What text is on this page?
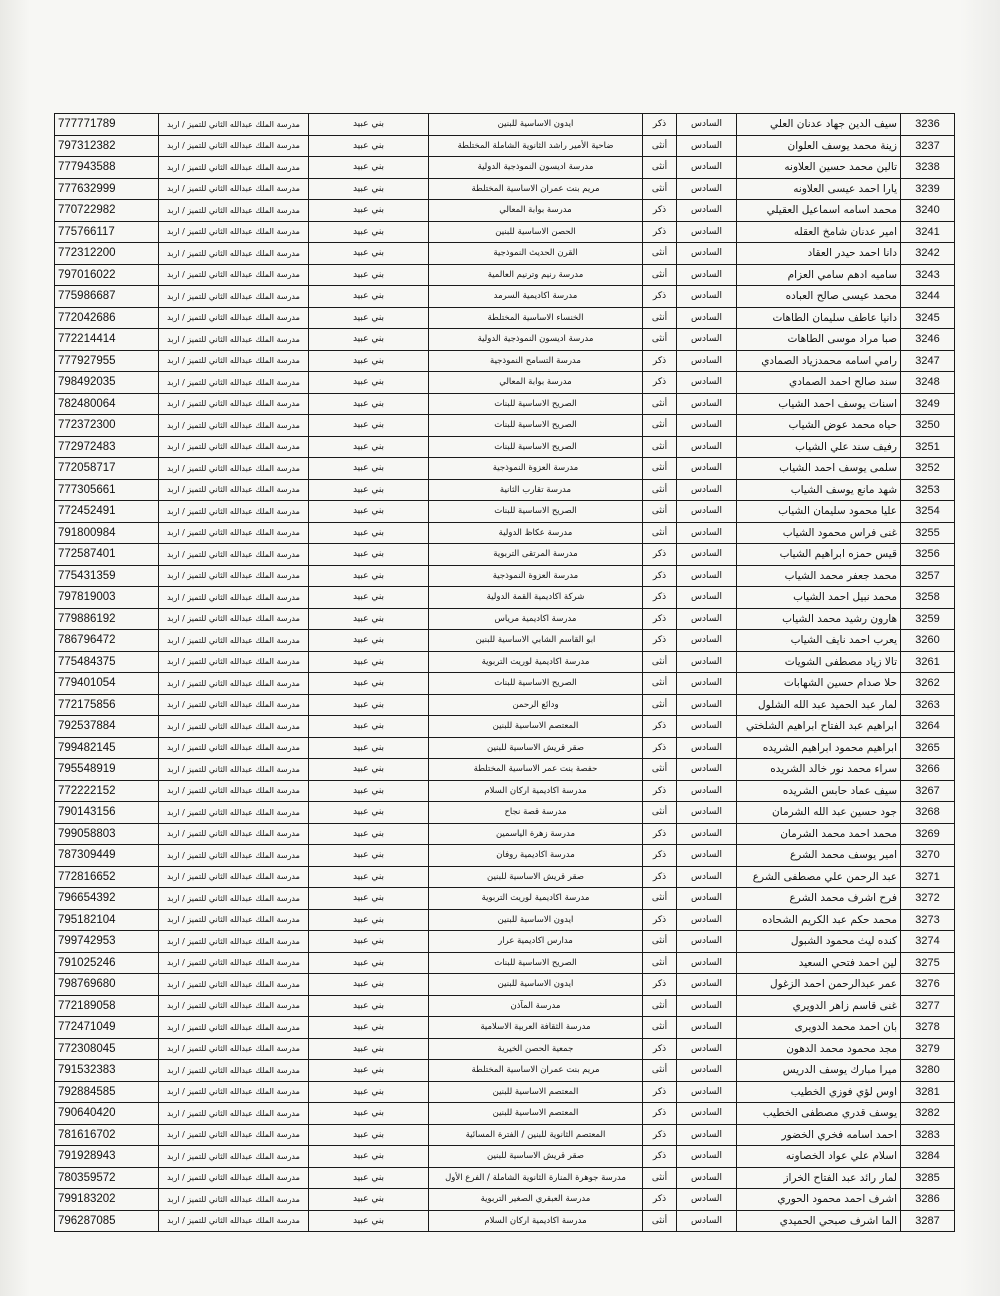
3236	سيف الدين جهاد عدنان العلي	السادس	ذكر	ايدون الاساسية للبنين	بني عبيد	مدرسة الملك عبدالله الثاني للتميز / اربد	777771789
3237	زينة محمد يوسف العلوان	السادس	أنثى	ضاحية الأمير راشد الثانوية الشاملة المختلطة	بني عبيد	مدرسة الملك عبدالله الثاني للتميز / اربد	797312382
3238	تالين محمد حسين العلاونه	السادس	أنثى	مدرسة اديسون النموذجية الدولية	بني عبيد	مدرسة الملك عبدالله الثاني للتميز / اربد	777943588
3239	يارا احمد عيسى العلاونه	السادس	أنثى	مريم بنت عمران الاساسية المختلطة	بني عبيد	مدرسة الملك عبدالله الثاني للتميز / اربد	777632999
3240	محمد اسامه اسماعيل العقيلي	السادس	ذكر	مدرسة بوابة المعالي	بني عبيد	مدرسة الملك عبدالله الثاني للتميز / اربد	770722982
3241	امير عدنان شامخ العقله	السادس	ذكر	الحصن الاساسية للبنين	بني عبيد	مدرسة الملك عبدالله الثاني للتميز / اربد	775766117
3242	دانا احمد حيدر العقاد	السادس	أنثى	القرن الحديث النموذجية	بني عبيد	مدرسة الملك عبدالله الثاني للتميز / اربد	772312200
3243	ساميه ادهم سامي العزام	السادس	أنثى	مدرسة رنيم وترنيم العالمية	بني عبيد	مدرسة الملك عبدالله الثاني للتميز / اربد	797016022
3244	محمد عيسى صالح العباده	السادس	ذكر	مدرسة اكاديمية السرمد	بني عبيد	مدرسة الملك عبدالله الثاني للتميز / اربد	775986687
3245	دانيا عاطف سليمان الطاهات	السادس	أنثى	الخنساء الاساسية المختلطة	بني عبيد	مدرسة الملك عبدالله الثاني للتميز / اربد	772042686
3246	صبا مراد موسى الطاهات	السادس	أنثى	مدرسة اديسون النموذجية الدولية	بني عبيد	مدرسة الملك عبدالله الثاني للتميز / اربد	772214414
3247	رامي اسامه محمدزياد الصمادي	السادس	ذكر	مدرسة التسامح النموذجية	بني عبيد	مدرسة الملك عبدالله الثاني للتميز / اربد	777927955
3248	سند صالح احمد الصمادي	السادس	ذكر	مدرسة بوابة المعالي	بني عبيد	مدرسة الملك عبدالله الثاني للتميز / اربد	798492035
3249	اسنات يوسف احمد الشياب	السادس	أنثى	الصريح الاساسية للبنات	بني عبيد	مدرسة الملك عبدالله الثاني للتميز / اربد	782480064
3250	حياه محمد عوض الشياب	السادس	أنثى	الصريح الاساسية للبنات	بني عبيد	مدرسة الملك عبدالله الثاني للتميز / اربد	772372300
3251	رفيف سند علي الشياب	السادس	أنثى	الصريح الاساسية للبنات	بني عبيد	مدرسة الملك عبدالله الثاني للتميز / اربد	772972483
3252	سلمى يوسف احمد الشياب	السادس	أنثى	مدرسة العزوة النموذجية	بني عبيد	مدرسة الملك عبدالله الثاني للتميز / اربد	772058717
3253	شهد مانع يوسف الشياب	السادس	أنثى	مدرسة تقارب الثانية	بني عبيد	مدرسة الملك عبدالله الثاني للتميز / اربد	777305661
3254	عليا محمود سليمان الشياب	السادس	أنثى	الصريح الاساسية للبنات	بني عبيد	مدرسة الملك عبدالله الثاني للتميز / اربد	772452491
3255	غنى فراس محمود الشياب	السادس	أنثى	مدرسة عكاظ الدولية	بني عبيد	مدرسة الملك عبدالله الثاني للتميز / اربد	791800984
3256	قيس حمزه ابراهيم الشياب	السادس	ذكر	مدرسة المرتقى التربوية	بني عبيد	مدرسة الملك عبدالله الثاني للتميز / اربد	772587401
3257	محمد جعفر محمد الشياب	السادس	ذكر	مدرسة العزوة النموذجية	بني عبيد	مدرسة الملك عبدالله الثاني للتميز / اربد	775431359
3258	محمد نبيل احمد الشياب	السادس	ذكر	شركة اكاديمية القمة الدولية	بني عبيد	مدرسة الملك عبدالله الثاني للتميز / اربد	797819003
3259	هارون رشيد محمد الشياب	السادس	ذكر	مدرسة اكاديمية مرياس	بني عبيد	مدرسة الملك عبدالله الثاني للتميز / اربد	779886192
3260	يعرب احمد نايف الشياب	السادس	ذكر	ابو القاسم الشابي الاساسية للبنين	بني عبيد	مدرسة الملك عبدالله الثاني للتميز / اربد	786796472
3261	تالا زياد مصطفى الشويات	السادس	أنثى	مدرسة اكاديمية لوريت التربوية	بني عبيد	مدرسة الملك عبدالله الثاني للتميز / اربد	775484375
3262	حلا صدام حسين الشهابات	السادس	أنثى	الصريح الاساسية للبنات	بني عبيد	مدرسة الملك عبدالله الثاني للتميز / اربد	779401054
3263	لمار عبد الحميد عبد الله الشلول	السادس	أنثى	ودائع الرحمن	بني عبيد	مدرسة الملك عبدالله الثاني للتميز / اربد	772175856
3264	ابراهيم عبد الفتاح ابراهيم الشلختي	السادس	ذكر	المعتصم الاساسية للبنين	بني عبيد	مدرسة الملك عبدالله الثاني للتميز / اربد	792537884
3265	ابراهيم محمود ابراهيم الشريده	السادس	ذكر	صقر قريش الاساسية للبنين	بني عبيد	مدرسة الملك عبدالله الثاني للتميز / اربد	799482145
3266	سراء محمد نور خالد الشريده	السادس	أنثى	حفصة بنت عمر الاساسية المختلطة	بني عبيد	مدرسة الملك عبدالله الثاني للتميز / اربد	795548919
3267	سيف عماد حابس الشريده	السادس	ذكر	مدرسة اكاديمية اركان السلام	بني عبيد	مدرسة الملك عبدالله الثاني للتميز / اربد	772222152
3268	جود حسين عبد الله الشرمان	السادس	أنثى	مدرسة قصة نجاح	بني عبيد	مدرسة الملك عبدالله الثاني للتميز / اربد	790143156
3269	محمد احمد محمد الشرمان	السادس	ذكر	مدرسة زهرة الياسمين	بني عبيد	مدرسة الملك عبدالله الثاني للتميز / اربد	799058803
3270	امير يوسف محمد الشرع	السادس	ذكر	مدرسة اكاديمية روفان	بني عبيد	مدرسة الملك عبدالله الثاني للتميز / اربد	787309449
3271	عبد الرحمن علي مصطفى الشرع	السادس	ذكر	صقر قريش الاساسية للبنين	بني عبيد	مدرسة الملك عبدالله الثاني للتميز / اربد	772816652
3272	فرح اشرف محمد الشرع	السادس	أنثى	مدرسة اكاديمية لوريت التربوية	بني عبيد	مدرسة الملك عبدالله الثاني للتميز / اربد	796654392
3273	محمد حكم عبد الكريم الشحاده	السادس	ذكر	ايدون الاساسية للبنين	بني عبيد	مدرسة الملك عبدالله الثاني للتميز / اربد	795182104
3274	كنده ليث محمود الشبول	السادس	أنثى	مدارس اكاديمية عرار	بني عبيد	مدرسة الملك عبدالله الثاني للتميز / اربد	799742953
3275	لين احمد فتحي السعيد	السادس	أنثى	الصريح الاساسية للبنات	بني عبيد	مدرسة الملك عبدالله الثاني للتميز / اربد	791025246
3276	عمر عبدالرحمن احمد الزغول	السادس	ذكر	ايدون الاساسية للبنين	بني عبيد	مدرسة الملك عبدالله الثاني للتميز / اربد	798769680
3277	غنى قاسم زاهر الدويري	السادس	أنثى	مدرسة المآذن	بني عبيد	مدرسة الملك عبدالله الثاني للتميز / اربد	772189058
3278	بان احمد محمد الدويرى	السادس	أنثى	مدرسة الثقافة العربية الاسلامية	بني عبيد	مدرسة الملك عبدالله الثاني للتميز / اربد	772471049
3279	مجد محمود محمد الدهون	السادس	ذكر	جمعية الحصن الخيرية	بني عبيد	مدرسة الملك عبدالله الثاني للتميز / اربد	772308045
3280	ميرا مبارك يوسف الدريس	السادس	أنثى	مريم بنت عمران الاساسية المختلطة	بني عبيد	مدرسة الملك عبدالله الثاني للتميز / اربد	791532383
3281	اوس لؤي فوزي الخطيب	السادس	ذكر	المعتصم الاساسية للبنين	بني عبيد	مدرسة الملك عبدالله الثاني للتميز / اربد	792884585
3282	يوسف قدري مصطفى الخطيب	السادس	ذكر	المعتصم الاساسية للبنين	بني عبيد	مدرسة الملك عبدالله الثاني للتميز / اربد	790640420
3283	احمد اسامه فخري الخضور	السادس	ذكر	المعتصم الثانوية للبنين / الفترة المسائية	بني عبيد	مدرسة الملك عبدالله الثاني للتميز / اربد	781616702
3284	اسلام علي عواد الخصاونه	السادس	ذكر	صقر قريش الاساسية للبنين	بني عبيد	مدرسة الملك عبدالله الثاني للتميز / اربد	791928943
3285	لمار رائد عبد الفتاح الخراز	السادس	أنثى	مدرسة جوهرة المنارة الثانوية الشاملة / الفرع الأول	بني عبيد	مدرسة الملك عبدالله الثاني للتميز / اربد	780359572
3286	اشرف احمد محمود الحوري	السادس	ذكر	مدرسة العبقري الصغير التربوية	بني عبيد	مدرسة الملك عبدالله الثاني للتميز / اربد	799183202
3287	الما اشرف صبحي الحميدي	السادس	أنثى	مدرسة اكاديمية اركان السلام	بني عبيد	مدرسة الملك عبدالله الثاني للتميز / اربد	796287085
